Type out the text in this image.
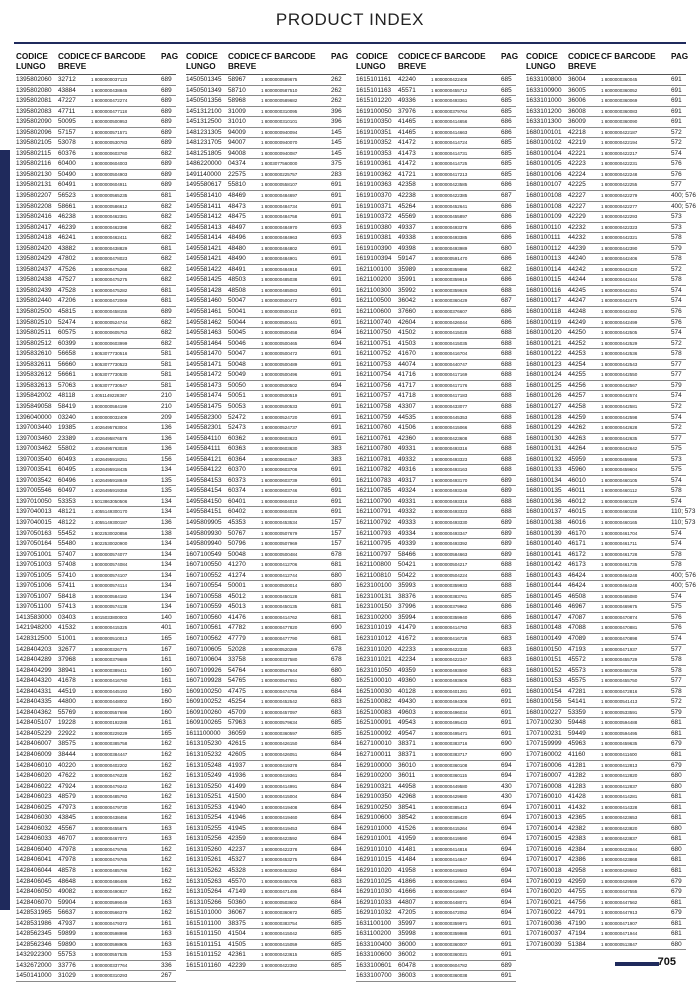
PRODUCT INDEX
CODICE	CODICE CF BARCODE	PAG
LUNGO	BREVE
1395802060	32712	1 8000000037123	689
1395802080	43884	1 8000000438845	689
1395802081	47227	1 8000000472274	689
1395802083	47711	1 8000000477118	689
1395802090	50095	1 8000000500953	689
1395802096	57157	1 8000000571571	689
1395802105	53078	1 8000000530783	689
1395802115	60376	1 8000000603760	682
1395802116	60400	1 8000000604003	689
1395802130	50490	1 8000000504903	689
1395802131	60491	1 8000000604911	689
1395802207	56523	1 8000000565235	681
1395802208	58661	1 8000000586612	682
1395802416	46238	1 8000000462381	682
1395802417	46239	1 8000000462398	682
1395802418	46241	1 8000000462411	682
1395802420	43882	1 8000000438829	681
1395802429	47802	1 8000000478023	682
1395802437	47526	1 8000000475268	682
1395802438	47527	1 8000000475275	682
1395802439	47528	1 8000000475282	681
1395802440	47206	1 8000000472069	681
1395802500	45815	1 8000000458155	689
1395802510	52474	1 8000000524744	682
1395802511	60575	1 8000000605753	682
1395802512	60399	1 8000000603999	682
1395832610	56658	1 8053077730516	581
1395832611	56660	1 8053077730523	581
1395832612	56661	1 8053077730530	581
1395832613	57063	1 8053077730547	581
1395842002	48118	1 4051149228367	210
1395849058	58419	1 8000000584199	210
1396040000	03240	1 8000000032409	209
1397003440	19385	1 4026495763004	136
1397003460	23389	1 4026495876578	136
1397003462	55802	1 4026495763028	136
1397003540	60493	1 4026495918251	156
1397003541	60495	1 4026495918435	134
1397003542	60496	1 4026495918849	135
1397005546	60497	1 4026495919358	135
1397010050	53353	1 5013863050506	134
1397040013	48121	1 4055149300170	134
1397040015	48122	1 4055149300187	136
1397050163	55452	1 8022530020856	138
1397050164	55480	1 8022530020900	134
1397051001	57407	1 8000000574077	134
1397051003	57408	1 8000000574084	134
1397051005	57410	1 8000000574107	134
1397051006	57411	1 8000000574114	134
1397051007	58418	1 8000000584182	134
1397051100	57413	1 8000000574138	134
1413583000	03403	1 8015033800003	140
1421948200	41532	1 8000000415325	401
1428312500	51001	1 8000000510013	165
1428404203	32677	1 8000000326775	167
1428404289	37968	1 8000000379689	161
1428404299	38941	1 8000000389411	160
1428404320	41678	1 8000000416780	161
1428404331	44519	1 8000000445193	160
1428404335	44800	1 8000000448002	160
1428404362	55769	1 8000000557698	160
1428405107	19228	1 8000000192288	161
1428405229	22922	1 8000000229229	165
1428406007	38575	1 8000000385758	162
1428406009	38444	1 8000000384447	162
1428406010	40220	1 8000000402202	162
1428406020	47622	1 8000000476228	162
1428406022	47924	1 8000000479242	162
1428406023	48579	1 8000000485793	162
1428406025	47973	1 8000000479730	162
1428406030	43845	1 8000000438456	162
1428406032	45567	1 8000000455675	163
1428406033	46707	1 8000000467072	163
1428406040	47978	1 8000000479785	162
1428406041	47978	1 8000000479785	162
1428406044	48578	1 8000000485786	162
1428406045	48648	1 8000000486486	162
1428406050	49082	1 8000000490827	162
1428406070	59904	1 8000000599049	163
1428531965	56637	1 8000000566379	162
1428531986	47937	1 8000000479372	161
1428562345	59899	1 8000000598998	163
1428562346	59890	1 8000000598905	163
1432922300	55753	1 8000000557535	153
1432672000	33776	1 8000000337764	336
1450141000	31029	1 8000000310293	267
CODICE	CODICE CF BARCODE	PAG
LUNGO	BREVE
1450501345	58967	1 8000000589675	262
1450501349	58710	1 8000000587510	262
1450501356	58968	1 8000000589682	262
1451312100	31009	1 8000000310095	396
1451312500	31010	1 8000000310101	396
1481231305	94009	1 8000000940094	145
1481231705	94007	1 8000000940070	145
1481251805	94008	1 8000000940087	145
1486220000	04374	1 8003077560000	375
1491140000	22575	1 8000000225757	283
1495580617	55810	1 8000000558107	691
1495581410	48469	1 8000000484697	691
1495581411	48473	1 8000000484734	691
1495581412	48475	1 8000000484758	691
1495581413	48497	1 8000000484970	693
1495581414	48496	1 8000000484963	693
1495581421	48480	1 8000000484802	691
1495581421	48490	1 8000000484901	691
1495581422	48491	1 8000000484918	691
1495581425	48503	1 8000000485038	691
1495581428	48508	1 8000000485083	691
1495581460	50047	1 8000000500472	691
1495581461	50041	1 8000000500410	691
1495581462	50044	1 8000000500441	691
1495581463	50045	1 8000000500458	694
1495581464	50046	1 8000000500465	694
1495581470	50047	1 8000000500472	691
1495581471	50048	1 8000000500489	691
1495581472	50049	1 8000000500496	691
1495581473	50050	1 8000000500502	694
1495581474	50051	1 8000000500519	691
1495581475	50053	1 8000000500533	691
1495582300	52472	1 8000000524720	691
1495582301	52473	1 8000000524737	691
1495584110	60362	1 8000000603623	691
1495584111	60363	1 8000000603630	383
1495584121	60364	1 8000000603647	383
1495584122	60370	1 8000000603708	691
1495584153	60373	1 8000000603739	691
1495584154	60374	1 8000000603746	691
1495584150	60401	1 8000000604010	691
1495584151	60402	1 8000000604026	691
1495809905	45353	1 8000000453534	157
1495809930	50767	1 8000000507679	157
1495809940	50796	1 8000000507969	157
1607100549	50048	1 8000000500484	678
1607100550	41270	1 8000000412706	681
1607100552	41274	1 8000000412744	680
1607100554	50001	1 8000000500014	680
1607100558	45012	1 8000000450128	681
1607100559	45013	1 8000000450135	681
1607100560	41476	1 8000000414762	681
1607100561	47782	1 8000000477820	690
1607100562	47779	1 8000000477790	681
1607100605	52028	1 8000000520289	678
1607100604	33758	1 8000000337580	678
1607109926	54764	1 8000000547644	680
1607109928	54765	1 8000000547651	680
1609100250	47475	1 8000000474755	684
1609100252	45254	1 8000000452542	683
1609100260	45709	1 8000000457097	683
1609100265	57963	1 8000000579634	685
1611100000	36059	1 8000000360597	685
1613105230	42615	1 8000000426150	684
1613105232	42605	1 8000000426051	684
1613105248	41937	1 8000000419378	684
1613105249	41936	1 8000000419361	684
1613105250	41499	1 8000000414991	684
1613105251	41500	1 8000000415004	684
1613105253	41940	1 8000000419408	684
1613105254	41946	1 8000000419460	684
1613105255	41945	1 8000000419453	684
1613105256	42359	1 8000000423592	684
1613105260	42237	1 8000000422378	684
1613105261	45327	1 8000000453275	684
1613105262	45328	1 8000000453282	684
1613105263	45570	1 8000000455705	683
1613105264	47149	1 8000000471495	684
1613105266	50360	1 8000000503602	684
1615101000	36067	1 8000000360672	685
1615101100	38375	1 8000000383754	685
1615101150	41504	1 8000000415042	685
1615101151	41505	1 8000000415059	685
1615101152	42361	1 8000000423615	685
1615101160	42239	1 8000000422392	685
CODICE	CODICE CF BARCODE	PAG
LUNGO	BREVE
1615101161	42240	1 8000000422408	685
1615101163	45571	1 8000000455712	685
1615101220	49336	1 8000000493361	685
1619100050	37976	1 8000000379764	685
1619100350	41465	1 8000000414656	686
1619100351	41465	1 8000000414663	686
1619100352	41472	1 8000000414724	685
1619100353	41473	1 8000000414731	685
1619100361	41472	1 8000000414725	685
1619100362	41721	1 8000000417213	685
1619100363	42358	1 8000000423585	686
1619100370	42238	1 8000000422385	687
1619100371	45264	1 8000000452641	686
1619100372	45569	1 8000000455897	686
1619100380	49337	1 8000000493378	686
1619100381	49338	1 8000000493385	686
1619100390	49398	1 8000000493989	680
1619100394	59147	1 8000000591470	686
1621100100	35989	1 8000000359898	682
1621100200	35991	1 8000000359919	686
1621100300	35992	1 8000000359926	688
1621100500	36042	1 8000000360429	687
1621100600	37660	1 8000000376607	686
1621100740	42604	1 8000000426044	686
1621100750	41502	1 8000000415028	688
1621100751	41503	1 8000000415035	688
1621100752	41670	1 8000000416704	688
1621100753	44074	1 8000000440747	688
1621100754	41716	1 8000000417169	688
1621100756	41717	1 8000000417176	688
1621100757	41718	1 8000000417183	688
1621100758	43307	1 8000000433077	688
1621100759	44535	1 8000000445353	688
1621100760	41506	1 8000000415066	688
1621100761	42360	1 8000000423608	688
1621100780	49331	1 8000000493316	688
1621100781	49332	1 8000000493323	688
1621100782	49316	1 8000000493163	688
1621100783	49317	1 8000000493170	689
1621100785	49324	1 8000000493248	689
1621100790	49331	1 8000000493316	688
1621100791	49332	1 8000000493323	688
1621100792	49333	1 8000000493330	689
1621100793	49334	1 8000000493347	689
1621100795	49339	1 8000000493392	689
1621100797	58466	1 8000000584663	689
1621100800	50421	1 8000000504217	688
1621100810	50422	1 8000000504224	688
1623100100	35993	1 8000000359933	688
1623100131	38376	1 8000000383761	685
1623100150	37996	1 8000000379962	686
1623100200	35994	1 8000000359940	686
1623101019	41479	1 8000000414793	683
1623101012	41672	1 8000000416728	683
1623101020	42233	1 8000000422330	683
1623101021	42234	1 8000000422347	683
1623101050	49359	1 8000000493590	683
1625100010	49360	1 8000000493606	683
1625100030	40128	1 8000000401281	691
1625100082	49430	1 8000000494306	691
1625100083	49603	1 8000000496034	691
1625100091	49543	1 8000000495433	691
1625100092	49547	1 8000000495471	691
1627100010	38371	1 8000000383716	690
1627100011	38371	1 8000000383717	690
1629100000	36010	1 8000000360108	694
1629100200	36011	1 8000000360115	694
1629100321	44958	1 8000000449580	430
1629100350	42968	1 8000000429680	430
1629100250	38541	1 8000000385413	694
1629100600	38542	1 8000000385420	694
1629101000	41526	1 8000000415264	694
1629101001	41959	1 8000000419590	694
1629101010	41481	1 8000000414816	694
1629101015	41484	1 8000000414847	694
1629101020	41958	1 8000000419583	694
1629101025	41866	1 8000000418661	694
1629101030	41666	1 8000000416667	694
1629101033	44807	1 8000000448071	694
1629101032	47205	1 8000000472052	694
1631100100	35997	1 8000000359971	691
1631100200	35998	1 8000000359988	691
1633100400	36000	1 8000000360007	691
1633100600	36002	1 8000000360021	691
1633100601	60478	1 8000000604782	689
1633100700	36003	1 8000000360038	691
CODICE	CODICE CF BARCODE	PAG
LUNGO	BREVE
1633100800	36004	1 8000000360045	691
1633100900	36005	1 8000000360052	691
1633101000	36006	1 8000000360069	691
1633101200	36008	1 8000000360083	691
1633101300	36009	1 8000000360090	691
1680100101	42218	1 8000000422187	572
1680100102	42219	1 8000000422194	572
1680100104	42221	1 8000000422217	574
1680100105	42223	1 8000000422231	576
1680100106	42224	1 8000000422248	576
1680100107	42225	1 8000000422255	577
1680100108	42227	1 8000000422279	400; 576
1680100108	42227	1 8000000422277	400; 576
1680100109	42229	1 8000000422293	573
1680100110	42232	1 8000000422323	573
1680100111	44232	1 8000000442321	578
1680100112	44239	1 8000000442390	579
1680100113	44240	1 8000000442406	578
1680100114	44242	1 8000000442420	572
1680100115	44244	1 8000000442444	578
1680100116	44245	1 8000000442451	574
1680100117	44247	1 8000000442475	574
1680100118	44248	1 8000000442482	576
1680100119	44249	1 8000000442499	576
1680100120	44250	1 8000000442505	574
1680100121	44252	1 8000000442529	572
1680100122	44253	1 8000000442536	578
1680100123	44254	1 8000000442543	577
1680100124	44255	1 8000000442550	577
1680100125	44256	1 8000000442567	579
1680100126	44257	1 8000000442574	574
1680100127	44258	1 8000000442581	572
1680100128	44259	1 8000000442598	574
1680100129	44262	1 8000000442628	572
1680100130	44263	1 8000000442635	577
1680100131	44264	1 8000000442642	575
1680100132	45959	1 8000000459598	573
1680100133	45960	1 8000000459604	575
1680100134	46010	1 8000000460105	574
1680100135	46011	1 8000000460112	578
1680100136	46012	1 8000000460129	574
1680100137	46015	1 8000000460158	110; 573
1680100138	46016	1 8000000460165	110; 573
1680100139	46170	1 8000000461704	574
1680100140	46171	1 8000000461711	574
1680100141	46172	1 8000000461728	578
1680100142	46173	1 8000000461735	578
1680100143	46424	1 8000000464248	400; 576
1680100144	46424	1 8000000464248	400; 576
1680100145	46508	1 8000000465080	574
1680100146	46967	1 8000000469675	575
1680100147	47087	1 8000000470874	576
1680100148	47088	1 8000000470881	576
1680100149	47089	1 8000000470898	574
1680100150	47193	1 8000000471937	577
1680100151	45572	1 8000000455729	578
1680100152	45573	1 8000000455736	578
1680100153	45575	1 8000000455750	577
1680100154	47281	1 8000000472816	578
1680100156	54141	1 8000000541413	572
1680100227	53359	1 8000000533591	579
1707100230	59448	1 8000000594488	681
1707100231	59449	1 8000000594495	681
1707159999	45963	1 8000000459635	679
1707160002	41160	1 8000000411600	681
1707160006	41281	1 8000000412813	679
1707160007	41282	1 8000000412820	680
1707160008	41283	1 8000000412837	680
1707160010	41428	1 8000000414281	681
1707160011	41432	1 8000000414328	681
1707160013	42365	1 8000000423653	681
1707160014	42382	1 8000000423820	680
1707160015	42383	1 8000000423837	681
1707160016	42384	1 8000000423844	680
1707160017	42386	1 8000000423868	681
1707160018	42958	1 8000000429582	681
1707160019	42959	1 8000000429599	679
1707160020	44755	1 8000000447555	679
1707160021	44756	1 8000000447562	681
1707160022	44791	1 8000000447913	679
1707160036	47190	1 8000000471907	681
1707160037	47194	1 8000000471944	681
1707160039	51384	1 8000000513847	680
705
